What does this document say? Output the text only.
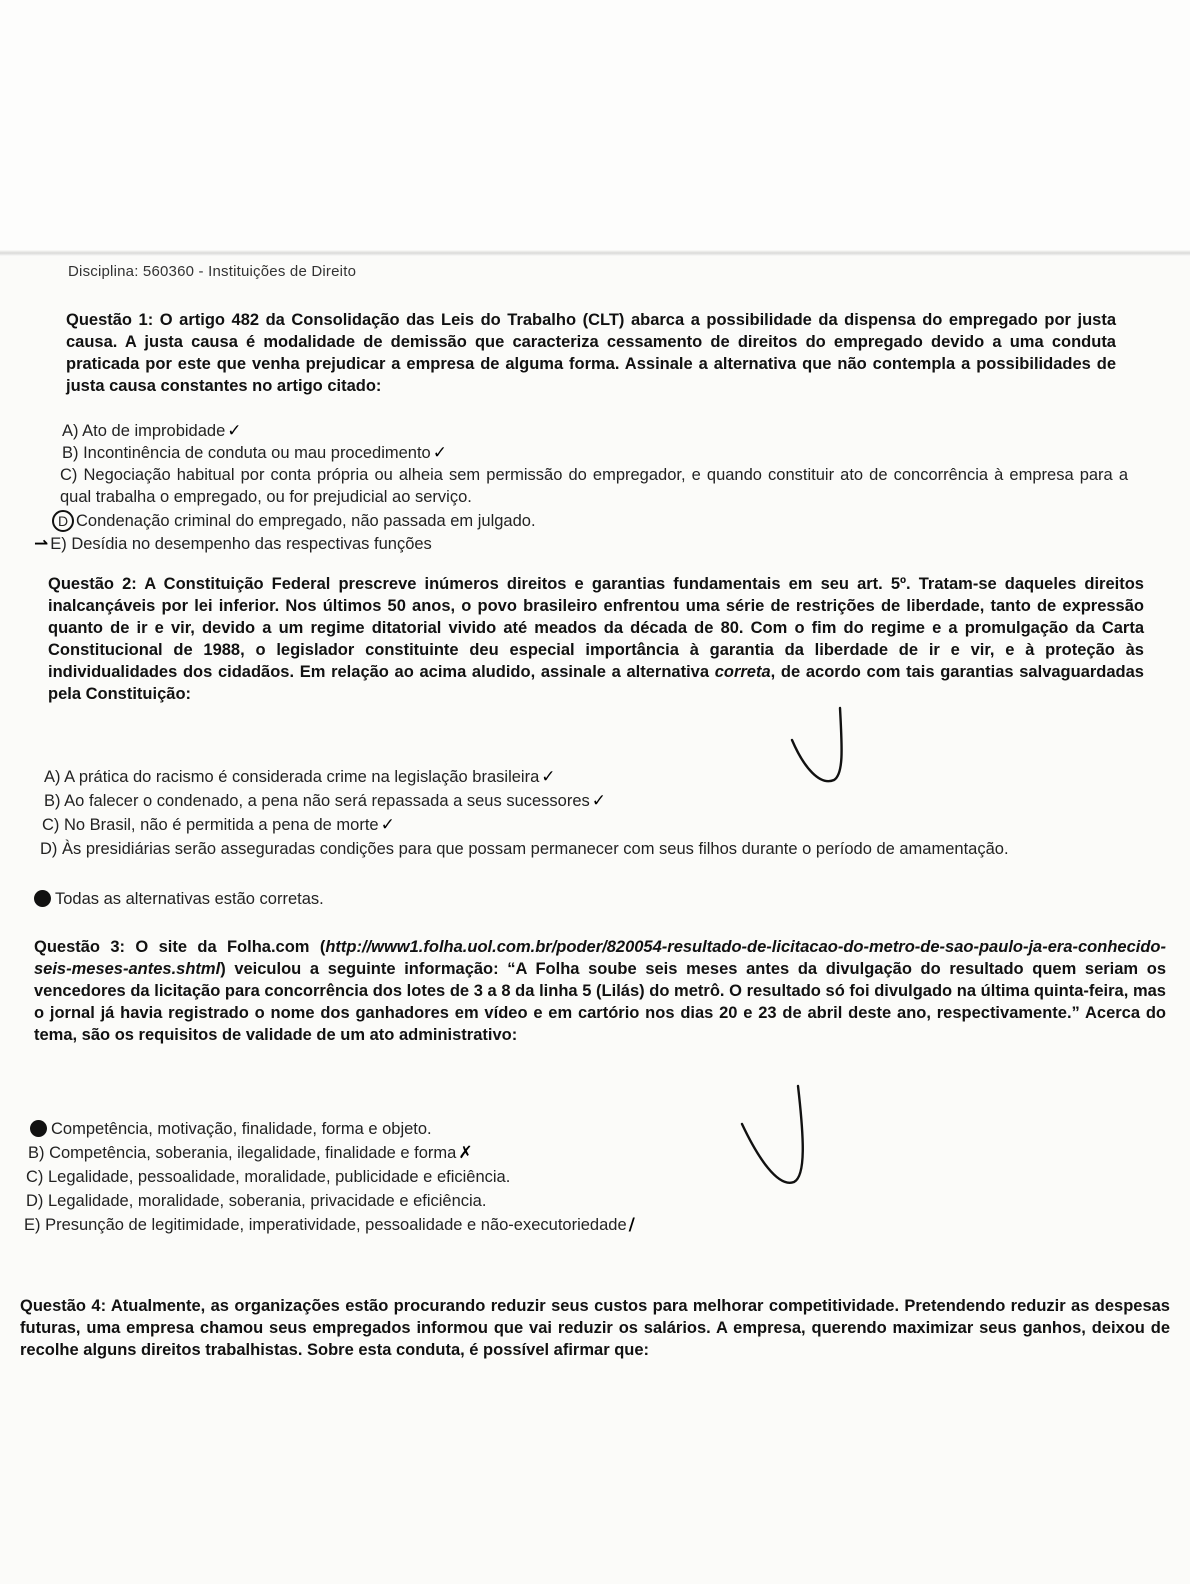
Disciplina: 560360 - Instituições de Direito
Questão 1: O artigo 482 da Consolidação das Leis do Trabalho (CLT) abarca a possibilidade da dispensa do empregado por justa causa. A justa causa é modalidade de demissão que caracteriza cessamento de direitos do empregado devido a uma conduta praticada por este que venha prejudicar a empresa de alguma forma. Assinale a alternativa que não contempla a possibilidades de justa causa constantes no artigo citado:
A) Ato de improbidade ✓
B) Incontinência de conduta ou mau procedimento ✓
C) Negociação habitual por conta própria ou alheia sem permissão do empregador, e quando constituir ato de concorrência à empresa para a qual trabalha o empregado, ou for prejudicial ao serviço.
D Condenação criminal do empregado, não passada em julgado.
⇀ E) Desídia no desempenho das respectivas funções
Questão 2: A Constituição Federal prescreve inúmeros direitos e garantias fundamentais em seu art. 5º. Tratam-se daqueles direitos inalcançáveis por lei inferior. Nos últimos 50 anos, o povo brasileiro enfrentou uma série de restrições de liberdade, tanto de expressão quanto de ir e vir, devido a um regime ditatorial vivido até meados da década de 80. Com o fim do regime e a promulgação da Carta Constitucional de 1988, o legislador constituinte deu especial importância à garantia da liberdade de ir e vir, e à proteção às individualidades dos cidadãos. Em relação ao acima aludido, assinale a alternativa correta, de acordo com tais garantias salvaguardadas pela Constituição:
A) A prática do racismo é considerada crime na legislação brasileira ✓
B) Ao falecer o condenado, a pena não será repassada a seus sucessores ✓
C) No Brasil, não é permitida a pena de morte ✓
D) Às presidiárias serão asseguradas condições para que possam permanecer com seus filhos durante o período de amamentação.
Todas as alternativas estão corretas.
Questão 3: O site da Folha.com (http://www1.folha.uol.com.br/poder/820054-resultado-de-licitacao-do-metro-de-sao-paulo-ja-era-conhecido-seis-meses-antes.shtml) veiculou a seguinte informação: “A Folha soube seis meses antes da divulgação do resultado quem seriam os vencedores da licitação para concorrência dos lotes de 3 a 8 da linha 5 (Lilás) do metrô. O resultado só foi divulgado na última quinta-feira, mas o jornal já havia registrado o nome dos ganhadores em vídeo e em cartório nos dias 20 e 23 de abril deste ano, respectivamente.” Acerca do tema, são os requisitos de validade de um ato administrativo:
Competência, motivação, finalidade, forma e objeto.
B) Competência, soberania, ilegalidade, finalidade e forma ✗
C) Legalidade, pessoalidade, moralidade, publicidade e eficiência.
D) Legalidade, moralidade, soberania, privacidade e eficiência.
E) Presunção de legitimidade, imperatividade, pessoalidade e não-executoriedade /
Questão 4: Atualmente, as organizações estão procurando reduzir seus custos para melhorar competitividade. Pretendendo reduzir as despesas futuras, uma empresa chamou seus empregados informou que vai reduzir os salários. A empresa, querendo maximizar seus ganhos, deixou de recolhe alguns direitos trabalhistas. Sobre esta conduta, é possível afirmar que:
